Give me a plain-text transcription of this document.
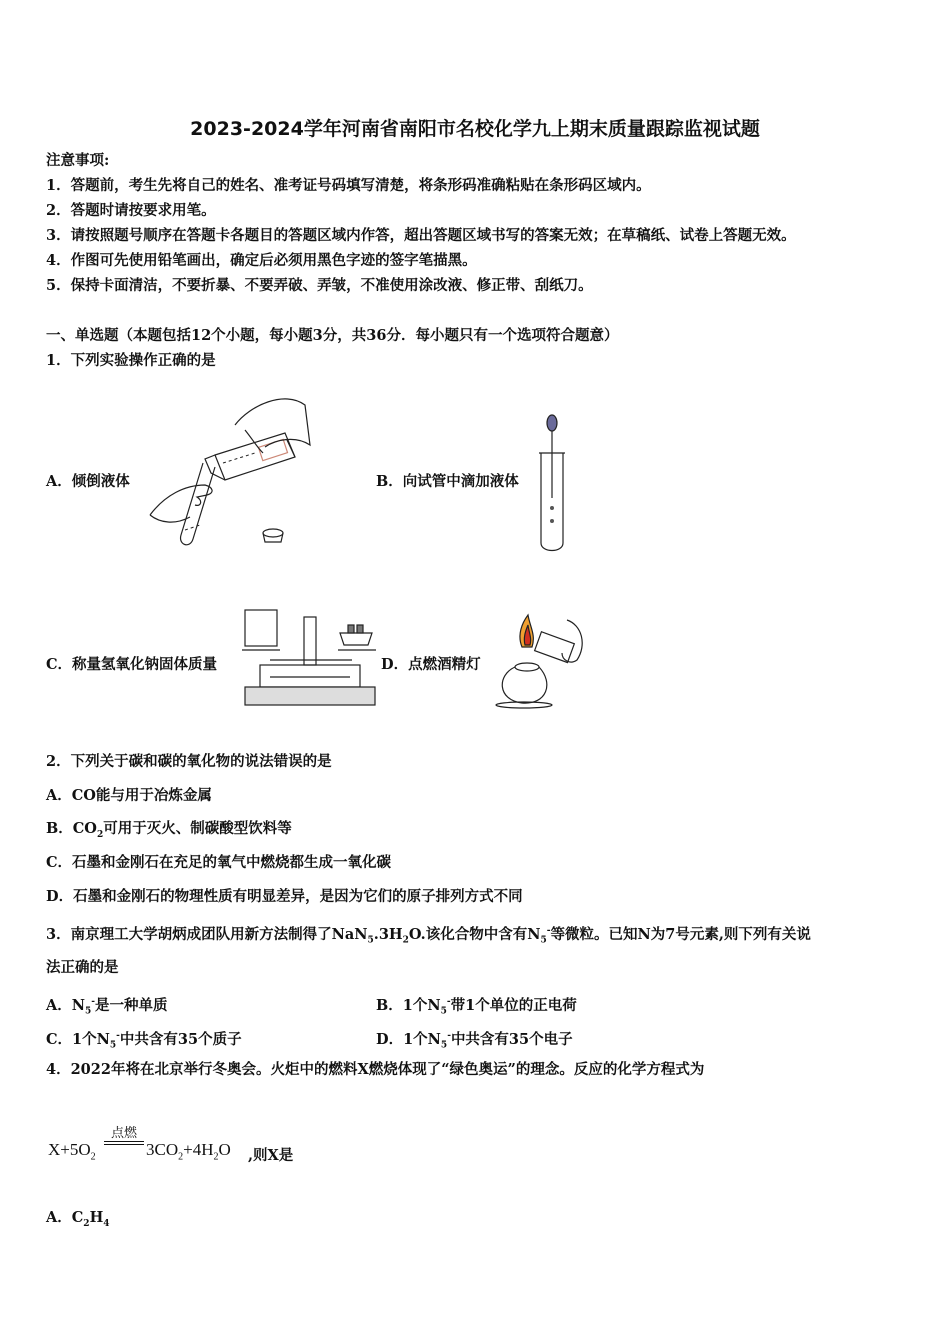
2023-2024学年河南省南阳市名校化学九上期末质量跟踪监视试题
注意事项:
1．答题前，考生先将自己的姓名、准考证号码填写清楚，将条形码准确粘贴在条形码区域内。
2．答题时请按要求用笔。
3．请按照题号顺序在答题卡各题目的答题区域内作答，超出答题区域书写的答案无效；在草稿纸、试卷上答题无效。
4．作图可先使用铅笔画出，确定后必须用黑色字迹的签字笔描黑。
5．保持卡面清洁，不要折暴、不要弄破、弄皱，不准使用涂改液、修正带、刮纸刀。
一、单选题（本题包括12个小题，每小题3分，共36分．每小题只有一个选项符合题意）
1．下列实验操作正确的是
A．倾倒液体	B．向试管中滴加液体
C．称量氢氧化钠固体质量	D．点燃酒精灯
2．下列关于碳和碳的氧化物的说法错误的是
A．CO能与用于冶炼金属
B．$CO_2$可用于灭火、制碳酸型饮料等
C．石墨和金刚石在充足的氧气中燃烧都生成一氧化碳
D．石墨和金刚石的物理性质有明显差异，是因为它们的原子排列方式不同
3．南京理工大学胡炳成团队用新方法制得了$NaN_5.3H_2O$.该化合物中含有$N_5^-$等微粒。已知N为7号元素,则下列有关说
法正确的是
A．$N_5^-$是一种单质	B．1个$N_5^-$带1个单位的正电荷
C．1个$N_5^-$中共含有35个质子	D．1个$N_5^-$中共含有35个电子
4．2022年将在北京举行冬奥会。火炬中的燃料X燃烧体现了“绿色奥运”的理念。反应的化学方程式为
点燃
$X+5O_2$	$3CO_2+4H_2O$ ,则X是
A．$C_2H_4$
